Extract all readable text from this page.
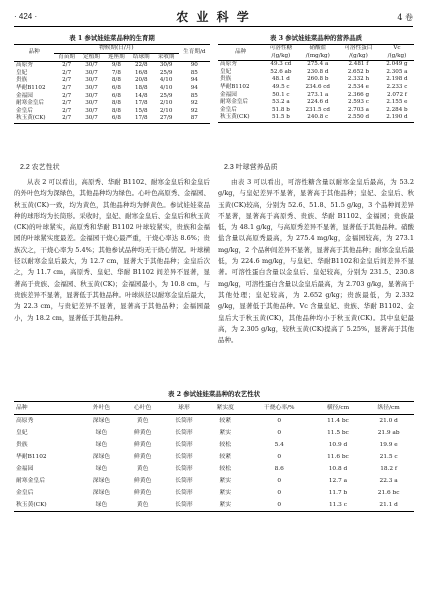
· 424 ·	农 业 科 学	4 卷
表 1 参试娃娃菜品种的生育期
品种	物候期(日/月)					生育期/d
	育苗期	定植期	莲座期	结球期	采收期	
高原秀	2/7	30/7	9/8	22/8	30/9	90
皇妃	2/7	30/7	7/8	16/8	25/9	85
贵族	2/7	30/7	8/8	20/8	4/10	94
华耐B1102	2/7	30/7	6/8	18/8	4/10	94
金福园	2/7	30/7	6/8	14/8	25/9	85
耐寒金皇后	2/7	30/7	8/8	17/8	2/10	92
金皇后	2/7	30/7	8/8	15/8	2/10	92
秋玉黄(CK)	2/7	30/7	6/8	17/8	27/9	87
表 3 参试娃娃菜品种的营养品质
品种	可溶性糖	硝酸盐	可溶性蛋白	Vc
	/(g/kg)	/(mg/kg)	/(g/kg)	/(g/kg)
高原秀	49.3 cd	275.4 a	2.481 f	2.049 g
皇妃	52.6 ab	230.8 d	2.652 b	2.305 a
贵族	48.1 d	260.8 b	2.332 h	2.198 d
华耐B1102	49.5 c	234.6 cd	2.534 e	2.233 c
金福园	50.1 c	273.1 a	2.366 g	2.072 f
耐寒金皇后	53.2 a	224.6 d	2.593 c	2.155 e
金皇后	51.8 b	231.5 cd	2.703 a	2.284 b
秋玉黄(CK)	51.5 b	240.8 c	2.550 d	2.190 d
2.2 农艺性状

从表 2 可以看出，高原秀、华耐 B1102、耐寒金皇后和金皇后的外叶色均为深绿色，其他品种均为绿色。心叶色高原秀、金福园、秋玉黄(CK)一致，均为黄色，其他品种均为鲜黄色。参试娃娃菜品种的球形均为长筒形。采收时，皇妃、耐寒金皇后、金皇后和秋玉黄(CK)的叶球紧实，高原秀和华耐 B1102 叶球较紧实，贵族和金福园的叶球紧实度最差。金福园干烧心最严重，干烧心率达 8.6%；贵族次之，干烧心率为 5.4%；其他参试品种均无干烧心情况。叶球横径以耐寒金皇后最大，为 12.7 cm，显著大于其他品种；金皇后次之，为 11.7 cm，高原秀、皇妃、华耐 B1102 间差异不显著，显著高于贵族、金福园、秋玉黄(CK)；金福园最小，为 10.8 cm，与贵族差异不显著，显著低于其他品种。叶球纵径以耐寒金皇后最大，为 22.3 cm，与贵妃差异不显著，显著高于其他品种；金福园最小，为 18.2 cm，显著低于其他品种。

2.3 叶球营养品质

由表 3 可以看出，可溶性糖含量以耐寒金皇后最高，为 53.2 g/kg，与皇妃差异不显著，显著高于其他品种；皇妃、金皇后、秋玉黄(CK)较高，分别为 52.6、51.8、51.5 g/kg，3 个品种间差异不显著，显著高于高原秀、贵族、华耐 B1102、金福园；贵族最低，为 48.1 g/kg，与高原秀差异不显著，显著低于其他品种。硝酸盐含量以高原秀最高，为 275.4 mg/kg，金福园较高，为 273.1 mg/kg，2 个品种间差异不显著，显著高于其他品种；耐寒金皇后最低，为 224.6 mg/kg，与皇妃、华耐B1102和金皇后间差异不显著。可溶性蛋白含量以金皇后、皇妃较高，分别为 231.5、230.8 mg/kg，可溶性蛋白含量以金皇后最高，为 2.703 g/kg，显著高于其他处理；皇妃较高，为 2.652 g/kg；贵族最低，为 2.332 g/kg，显著低于其他品种。Vc 含量皇妃、贵族、华耐 B1102、金皇后大于秋玉黄(CK)，其他品种均小于秋玉黄(CK)。其中皇妃最高，为 2.305 g/kg，较秋玉黄(CK)提高了 5.25%，显著高于其他品种。

表 2 参试娃娃菜品种的农艺性状
品种	外叶色	心叶色	球形	紧实度	干烧心率/%	横径/cm	纵径/cm
高原秀	深绿色	黄色	长筒形	较紧	0	11.4 bc	21.0 d
皇妃	绿色	鲜黄色	长筒形	紧实	0	11.5 bc	21.9 ab
贵族	绿色	鲜黄色	长筒形	较松	5.4	10.9 d	19.9 e
华耐B1102	深绿色	鲜黄色	长筒形	较紧	0	11.6 bc	21.5 c
金福园	绿色	黄色	长筒形	较松	8.6	10.8 d	18.2 f
耐寒金皇后	深绿色	鲜黄色	长筒形	紧实	0	12.7 a	22.3 a
金皇后	深绿色	鲜黄色	长筒形	紧实	0	11.7 b	21.6 bc
秋玉黄(CK)	绿色	黄色	长筒形	紧实	0	11.3 c	21.1 d
